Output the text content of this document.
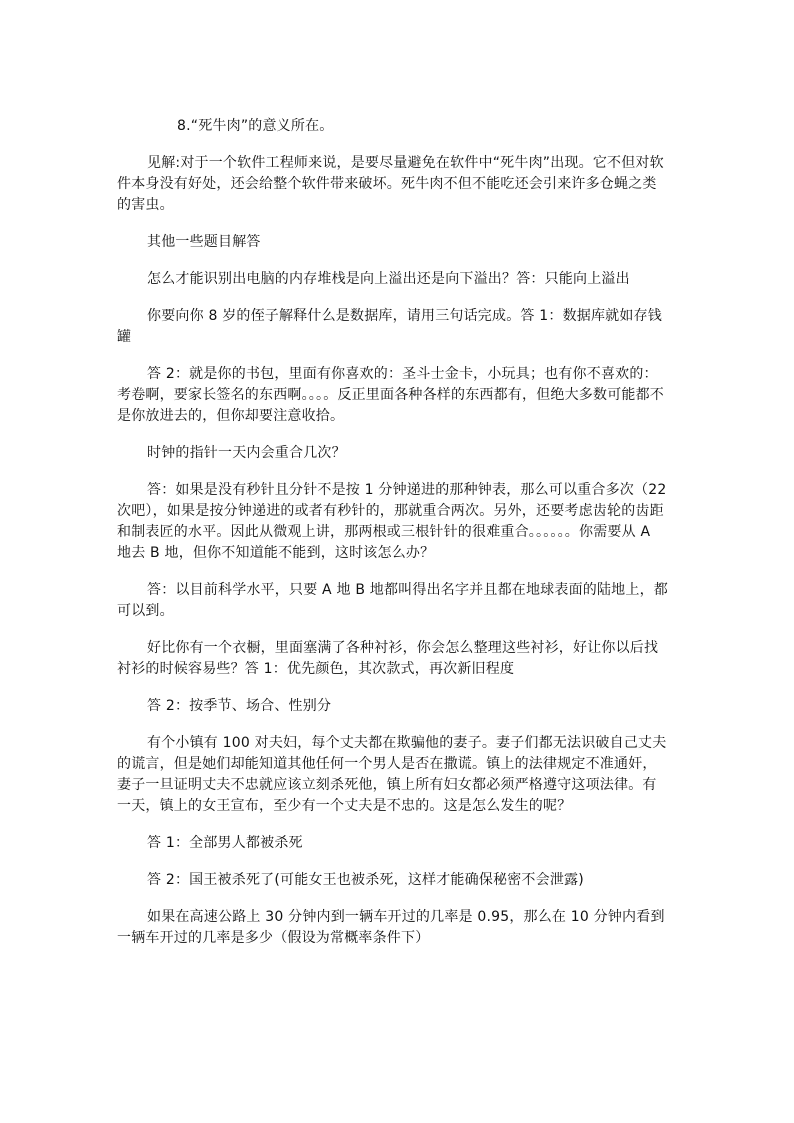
8.“死牛肉”的意义所在。

见解:对于一个软件工程师来说，是要尽量避免在软件中“死牛肉”出现。它不但对软件本身没有好处，还会给整个软件带来破坏。死牛肉不但不能吃还会引来许多仓蝇之类的害虫。

其他一些题目解答

怎么才能识别出电脑的内存堆栈是向上溢出还是向下溢出？答：只能向上溢出

你要向你 8 岁的侄子解释什么是数据库，请用三句话完成。答 1：数据库就如存钱罐

答 2：就是你的书包，里面有你喜欢的：圣斗士金卡，小玩具；也有你不喜欢的：考卷啊，要家长签名的东西啊。。。。反正里面各种各样的东西都有，但绝大多数可能都不是你放进去的，但你却要注意收拾。

时钟的指针一天内会重合几次？

答：如果是没有秒针且分针不是按 1 分钟递进的那种钟表，那么可以重合多次（22 次吧），如果是按分钟递进的或者有秒针的，那就重合两次。另外，还要考虑齿轮的齿距和制表匠的水平。因此从微观上讲，那两根或三根针针的很难重合。。。。。。你需要从 A 地去 B 地，但你不知道能不能到，这时该怎么办？

答：以目前科学水平，只要 A 地 B 地都叫得出名字并且都在地球表面的陆地上，都可以到。

好比你有一个衣橱，里面塞满了各种衬衫，你会怎么整理这些衬衫，好让你以后找衬衫的时候容易些？答 1：优先颜色，其次款式，再次新旧程度

答 2：按季节、场合、性别分

有个小镇有 100 对夫妇，每个丈夫都在欺骗他的妻子。妻子们都无法识破自己丈夫的谎言，但是她们却能知道其他任何一个男人是否在撒谎。镇上的法律规定不准通奸，妻子一旦证明丈夫不忠就应该立刻杀死他，镇上所有妇女都必须严格遵守这项法律。有一天，镇上的女王宣布，至少有一个丈夫是不忠的。这是怎么发生的呢？

答 1：全部男人都被杀死

答 2：国王被杀死了(可能女王也被杀死，这样才能确保秘密不会泄露)

如果在高速公路上 30 分钟内到一辆车开过的几率是 0.95，那么在 10 分钟内看到一辆车开过的几率是多少（假设为常概率条件下）
